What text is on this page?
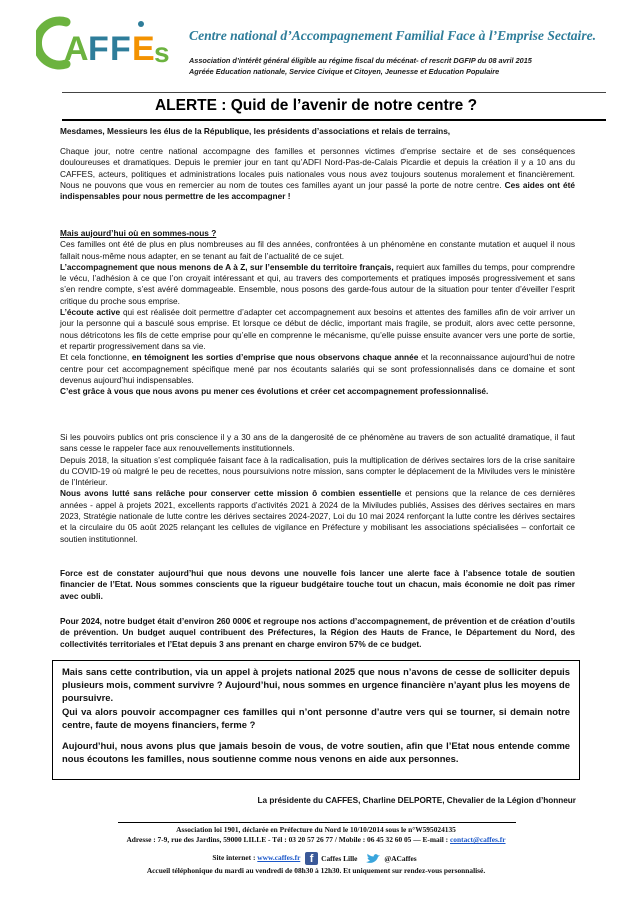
A F F E s
Centre national d’Accompagnement Familial Face à l’Emprise Sectaire.
Association d’intérêt général éligible au régime fiscal du mécénat- cf rescrit DGFIP du 08 avril 2015
Agréée Education nationale, Service Civique et Citoyen, Jeunesse et Education Populaire
ALERTE : Quid de l’avenir de notre centre ?

Mesdames, Messieurs les élus de la République, les présidents d’associations et relais de terrains,

Chaque jour, notre centre national accompagne des familles et personnes victimes d’emprise sectaire et de ses conséquences douloureuses et dramatiques. Depuis le premier jour en tant qu’ADFI Nord-Pas-de-Calais Picardie et depuis la création il y a 10 ans du CAFFES, acteurs, politiques et administrations locales puis nationales vous nous avez toujours soutenus moralement et financièrement. Nous ne pouvons que vous en remercier au nom de toutes ces familles ayant un jour passé la porte de notre centre. Ces aides ont été indispensables pour nous permettre de les accompagner !

Mais aujourd’hui où en sommes-nous ?

Ces familles ont été de plus en plus nombreuses au fil des années, confrontées à un phénomène en constante mutation et auquel il nous fallait nous-même nous adapter, en se tenant au fait de l’actualité de ce sujet.

L’accompagnement que nous menons de A à Z, sur l’ensemble du territoire français, requiert aux familles du temps, pour comprendre le vécu, l’adhésion à ce que l’on croyait intéressant et qui, au travers des comportements et pratiques imposés progressivement et sans s’en rendre compte, s’est avéré dommageable. Ensemble, nous posons des garde-fous autour de la situation pour tenter d’éveiller l’esprit critique du proche sous emprise.

L’écoute active qui est réalisée doit permettre d’adapter cet accompagnement aux besoins et attentes des familles afin de voir arriver un jour la personne qui a basculé sous emprise. Et lorsque ce début de déclic, important mais fragile, se produit, alors avec cette personne, nous détricotons les fils de cette emprise pour qu’elle en comprenne le mécanisme, qu’elle puisse ensuite avancer vers une porte de sortie, et repartir progressivement dans sa vie.

Et cela fonctionne, en témoignent les sorties d’emprise que nous observons chaque année et la reconnaissance aujourd’hui de notre centre pour cet accompagnement spécifique mené par nos écoutants salariés qui se sont professionnalisés dans ce domaine et sont devenus aujourd’hui indispensables.

C’est grâce à vous que nous avons pu mener ces évolutions et créer cet accompagnement professionnalisé.

Si les pouvoirs publics ont pris conscience il y a 30 ans de la dangerosité de ce phénomène au travers de son actualité dramatique, il faut sans cesse le rappeler face aux renouvellements institutionnels.

Depuis 2018, la situation s’est compliquée faisant face à la radicalisation, puis la multiplication de dérives sectaires lors de la crise sanitaire du COVID-19 où malgré le peu de recettes, nous poursuivions notre mission, sans compter le déplacement de la Miviludes vers le ministère de l’Intérieur.

Nous avons lutté sans relâche pour conserver cette mission ô combien essentielle et pensions que la relance de ces dernières années - appel à projets 2021, excellents rapports d’activités 2021 à 2024 de la Miviludes publiés, Assises des dérives sectaires en mars 2023, Stratégie nationale de lutte contre les dérives sectaires 2024-2027, Loi du 10 mai 2024 renforçant la lutte contre les dérives sectaires et la circulaire du 05 août 2025 relançant les cellules de vigilance en Préfecture y mobilisant les associations spécialisées – confortait ce soutien institutionnel.

Force est de constater aujourd’hui que nous devons une nouvelle fois lancer une alerte face à l’absence totale de soutien financier de l’Etat. Nous sommes conscients que la rigueur budgétaire touche tout un chacun, mais économie ne doit pas rimer avec oubli.

Pour 2024, notre budget était d’environ 260 000€ et regroupe nos actions d’accompagnement, de prévention et de création d’outils de prévention. Un budget auquel contribuent des Préfectures, la Région des Hauts de France, le Département du Nord, des collectivités territoriales et l’Etat depuis 3 ans prenant en charge environ 57% de ce budget.

Mais sans cette contribution, via un appel à projets national 2025 que nous n’avons de cesse de solliciter depuis plusieurs mois, comment survivre ? Aujourd’hui, nous sommes en urgence financière n’ayant plus les moyens de poursuivre.

Qui va alors pouvoir accompagner ces familles qui n’ont personne d’autre vers qui se tourner, si demain notre centre, faute de moyens financiers, ferme ?

Aujourd’hui, nous avons plus que jamais besoin de vous, de votre soutien, afin que l’Etat nous entende comme nous écoutons les familles, nous soutienne comme nous venons en aide aux personnes.

La présidente du CAFFES, Charline DELPORTE, Chevalier de la Légion d’honneur
Association loi 1901, déclarée en Préfecture du Nord le 10/10/2014 sous le n°W595024135
Adresse : 7-9, rue des Jardins, 59000 LILLE - Tél : 03 20 57 26 77 / Mobile : 06 45 32 60 05 — E-mail : contact@caffes.fr
Site internet : www.caffes.fr f	Caffes Lille
	@ACaffes
Accueil téléphonique du mardi au vendredi de 08h30 à 12h30. Et uniquement sur rendez-vous personnalisé.
